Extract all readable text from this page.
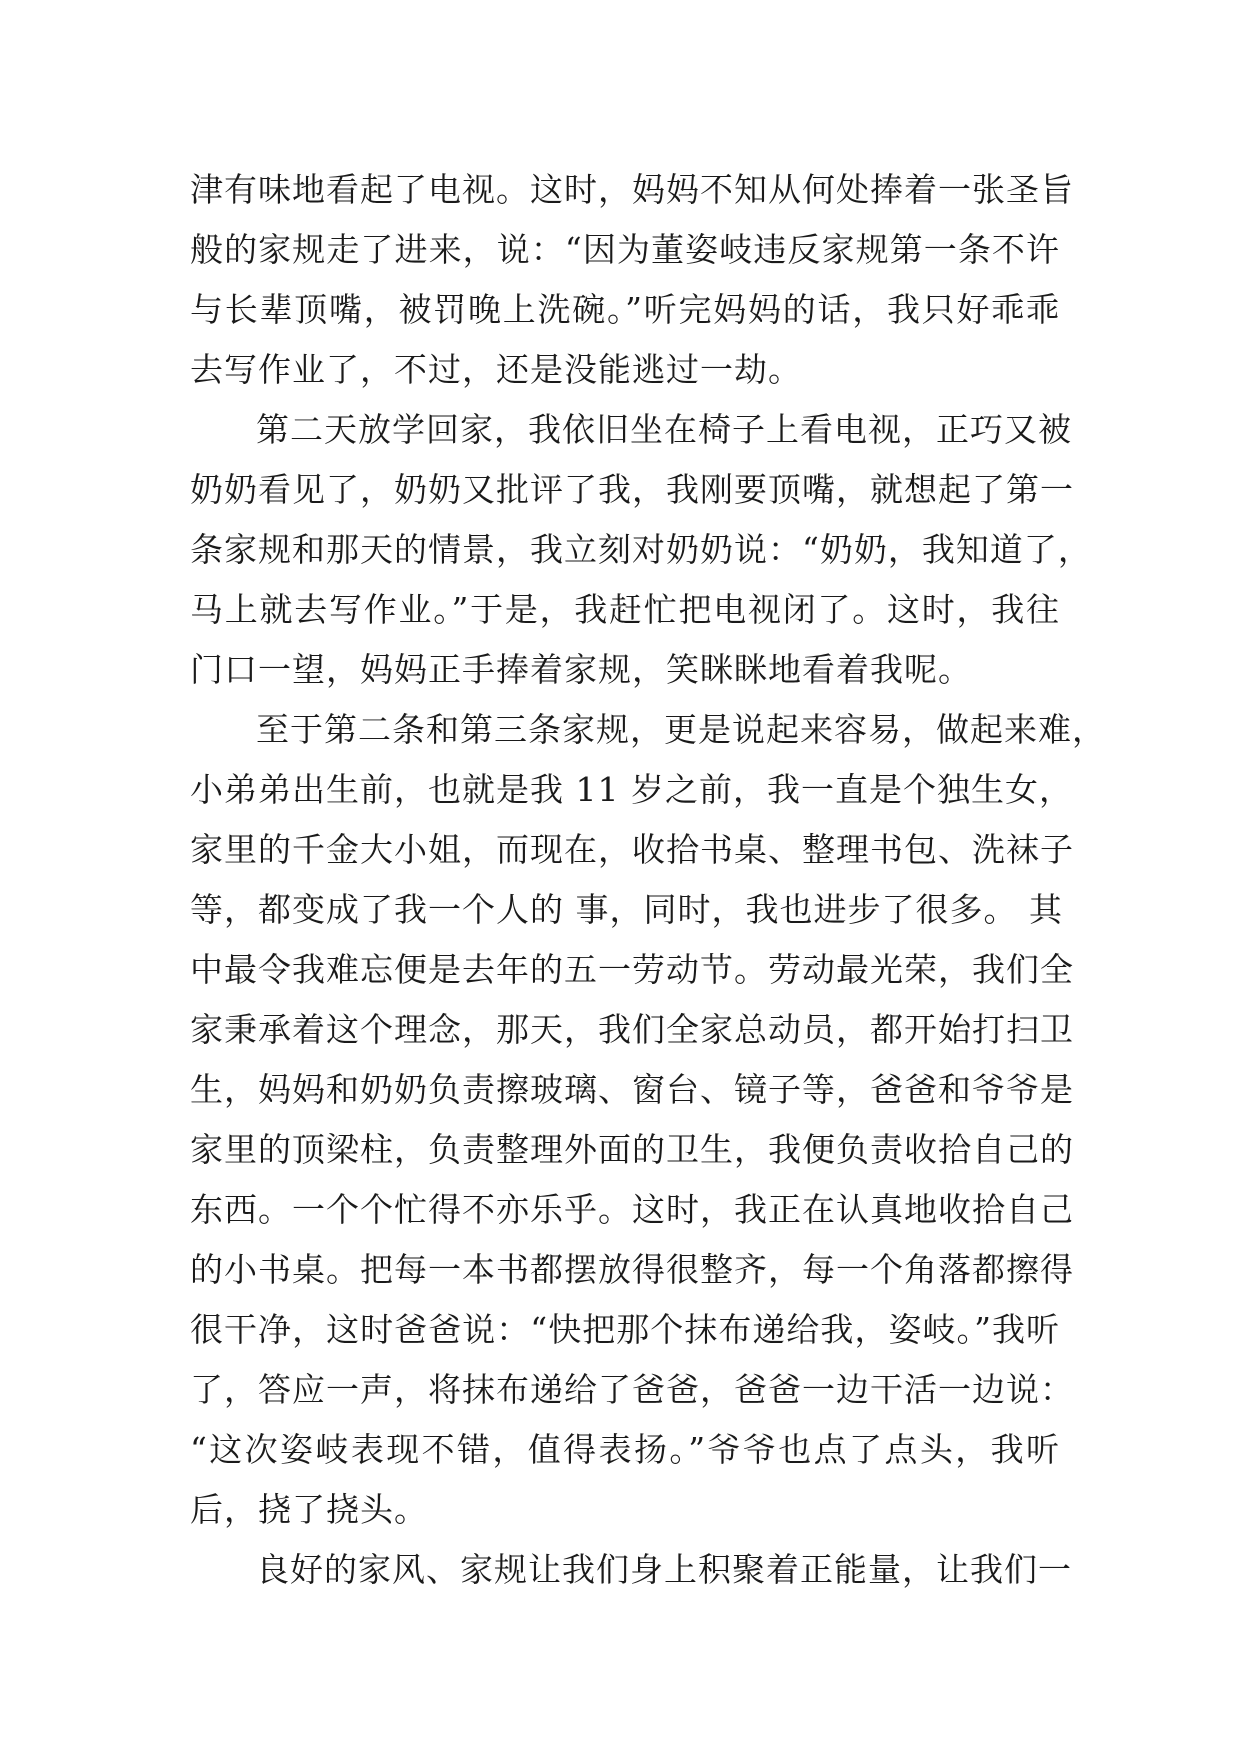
津有味地看起了电视。这时，妈妈不知从何处捧着一张圣旨
般的家规走了进来，说：“因为董姿岐违反家规第一条不许
与长辈顶嘴，被罚晚上洗碗。”听完妈妈的话，我只好乖乖
去写作业了，不过，还是没能逃过一劫。
第二天放学回家，我依旧坐在椅子上看电视，正巧又被
奶奶看见了，奶奶又批评了我，我刚要顶嘴，就想起了第一
条家规和那天的情景，我立刻对奶奶说：“奶奶，我知道了，
马上就去写作业。”于是，我赶忙把电视闭了。这时，我往
门口一望，妈妈正手捧着家规，笑眯眯地看着我呢。
至于第二条和第三条家规，更是说起来容易，做起来难，
小弟弟出生前，也就是我 11 岁之前，我一直是个独生女，
家里的千金大小姐，而现在，收拾书桌、整理书包、洗袜子
等，都变成了我一个人的 事，同时，我也进步了很多。 其
中最令我难忘便是去年的五一劳动节。劳动最光荣，我们全
家秉承着这个理念，那天，我们全家总动员，都开始打扫卫
生，妈妈和奶奶负责擦玻璃、窗台、镜子等，爸爸和爷爷是
家里的顶梁柱，负责整理外面的卫生，我便负责收拾自己的
东西。一个个忙得不亦乐乎。这时，我正在认真地收拾自己
的小书桌。把每一本书都摆放得很整齐，每一个角落都擦得
很干净，这时爸爸说：“快把那个抹布递给我，姿岐。”我听
了，答应一声，将抹布递给了爸爸，爸爸一边干活一边说：
“这次姿岐表现不错，值得表扬。”爷爷也点了点头，我听
后，挠了挠头。
良好的家风、家规让我们身上积聚着正能量，让我们一
